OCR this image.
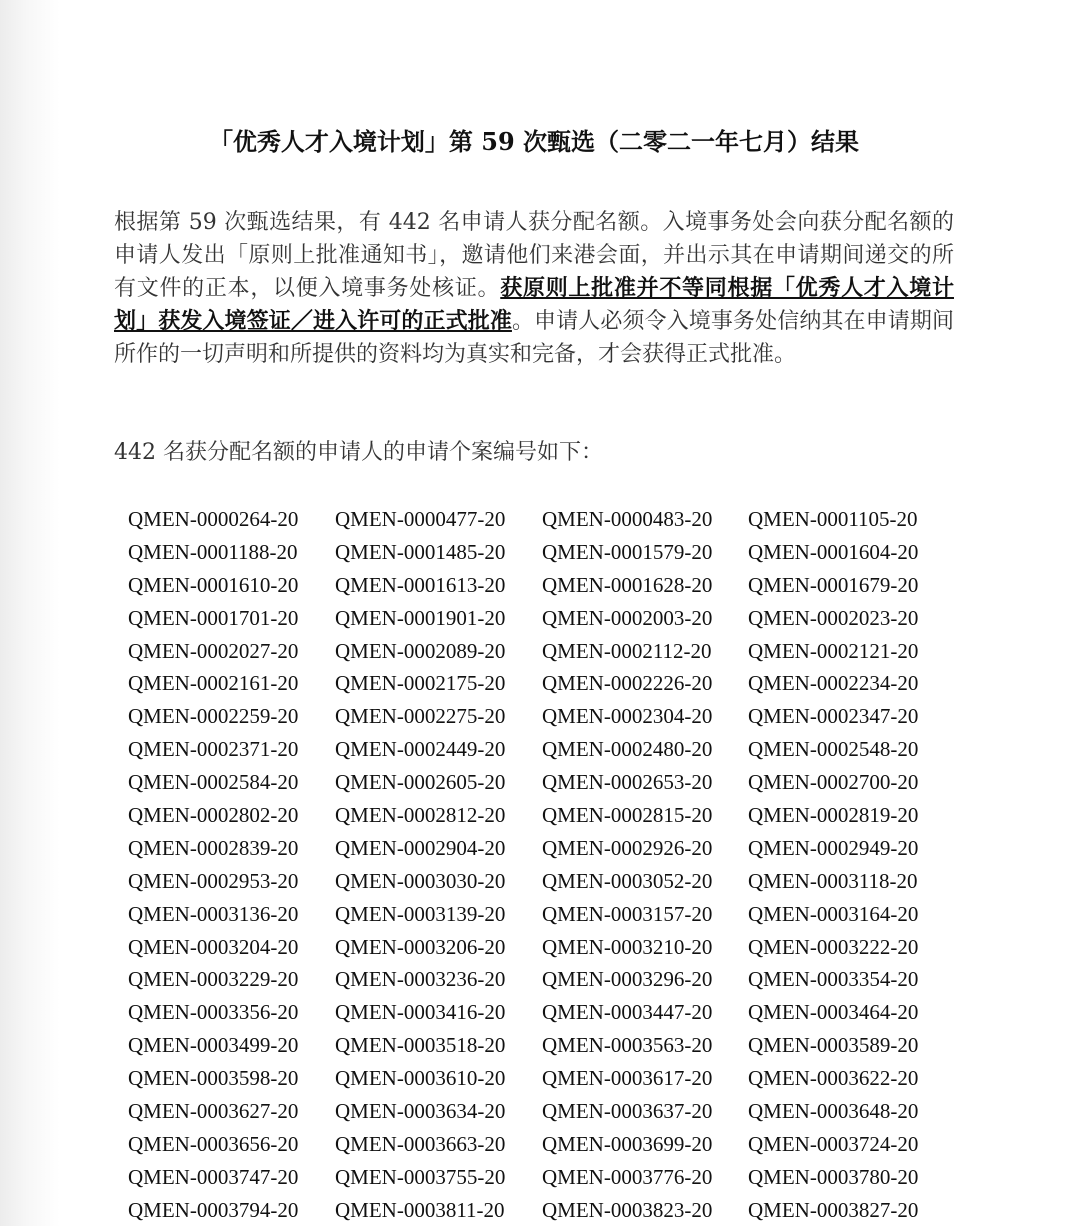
「优秀人才入境计划」第 59 次甄选（二零二一年七月）结果

根据第 59 次甄选结果，有 442 名申请人获分配名额。入境事务处会向获分配名额的申请人发出「原则上批准通知书」，邀请他们来港会面，并出示其在申请期间递交的所有文件的正本，以便入境事务处核证。获原则上批准并不等同根据「优秀人才入境计划」获发入境签证／进入许可的正式批准。申请人必须令入境事务处信纳其在申请期间所作的一切声明和所提供的资料均为真实和完备，才会获得正式批准。

442 名获分配名额的申请人的申请个案编号如下：

QMEN-0000264-20	QMEN-0000477-20	QMEN-0000483-20	QMEN-0001105-20
QMEN-0001188-20	QMEN-0001485-20	QMEN-0001579-20	QMEN-0001604-20
QMEN-0001610-20	QMEN-0001613-20	QMEN-0001628-20	QMEN-0001679-20
QMEN-0001701-20	QMEN-0001901-20	QMEN-0002003-20	QMEN-0002023-20
QMEN-0002027-20	QMEN-0002089-20	QMEN-0002112-20	QMEN-0002121-20
QMEN-0002161-20	QMEN-0002175-20	QMEN-0002226-20	QMEN-0002234-20
QMEN-0002259-20	QMEN-0002275-20	QMEN-0002304-20	QMEN-0002347-20
QMEN-0002371-20	QMEN-0002449-20	QMEN-0002480-20	QMEN-0002548-20
QMEN-0002584-20	QMEN-0002605-20	QMEN-0002653-20	QMEN-0002700-20
QMEN-0002802-20	QMEN-0002812-20	QMEN-0002815-20	QMEN-0002819-20
QMEN-0002839-20	QMEN-0002904-20	QMEN-0002926-20	QMEN-0002949-20
QMEN-0002953-20	QMEN-0003030-20	QMEN-0003052-20	QMEN-0003118-20
QMEN-0003136-20	QMEN-0003139-20	QMEN-0003157-20	QMEN-0003164-20
QMEN-0003204-20	QMEN-0003206-20	QMEN-0003210-20	QMEN-0003222-20
QMEN-0003229-20	QMEN-0003236-20	QMEN-0003296-20	QMEN-0003354-20
QMEN-0003356-20	QMEN-0003416-20	QMEN-0003447-20	QMEN-0003464-20
QMEN-0003499-20	QMEN-0003518-20	QMEN-0003563-20	QMEN-0003589-20
QMEN-0003598-20	QMEN-0003610-20	QMEN-0003617-20	QMEN-0003622-20
QMEN-0003627-20	QMEN-0003634-20	QMEN-0003637-20	QMEN-0003648-20
QMEN-0003656-20	QMEN-0003663-20	QMEN-0003699-20	QMEN-0003724-20
QMEN-0003747-20	QMEN-0003755-20	QMEN-0003776-20	QMEN-0003780-20
QMEN-0003794-20	QMEN-0003811-20	QMEN-0003823-20	QMEN-0003827-20
